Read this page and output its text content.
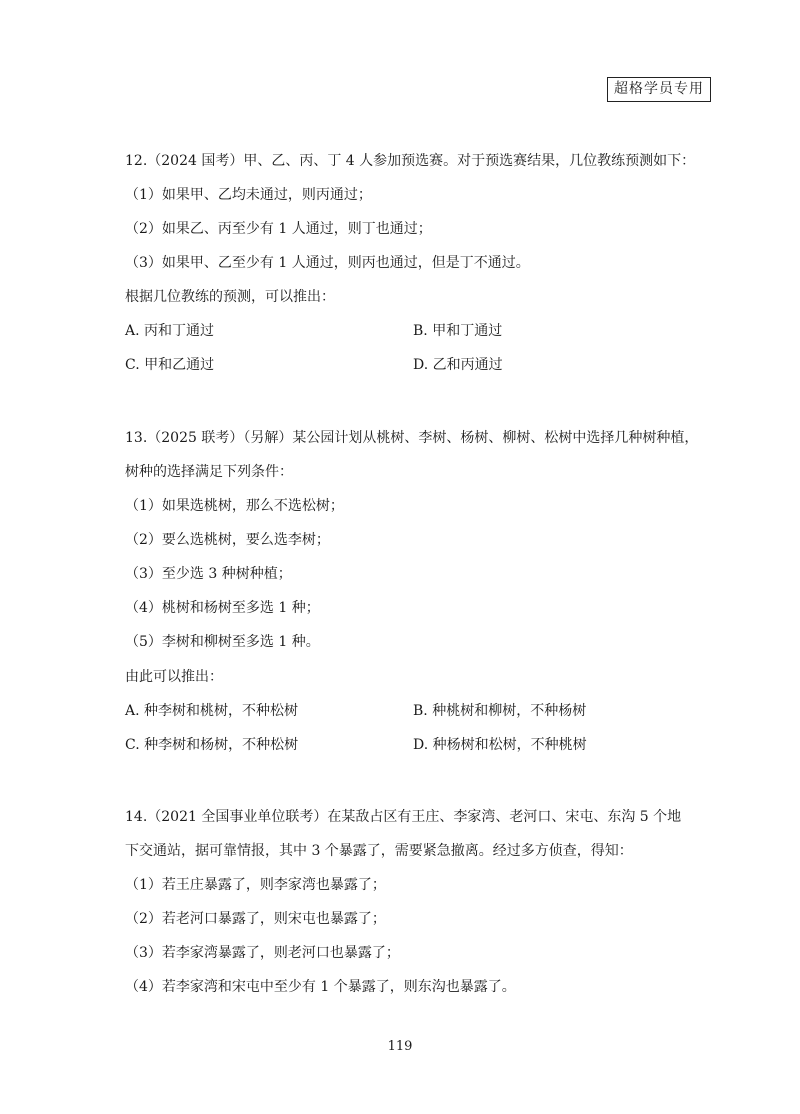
超格学员专用
12.（2024 国考）甲、乙、丙、丁 4 人参加预选赛。对于预选赛结果，几位教练预测如下：
（1）如果甲、乙均未通过，则丙通过；
（2）如果乙、丙至少有 1 人通过，则丁也通过；
（3）如果甲、乙至少有 1 人通过，则丙也通过，但是丁不通过。
根据几位教练的预测，可以推出：
A. 丙和丁通过	B. 甲和丁通过
C. 甲和乙通过	D. 乙和丙通过
13.（2025 联考）（另解）某公园计划从桃树、李树、杨树、柳树、松树中选择几种树种植，
树种的选择满足下列条件：
（1）如果选桃树，那么不选松树；
（2）要么选桃树，要么选李树；
（3）至少选 3 种树种植；
（4）桃树和杨树至多选 1 种；
（5）李树和柳树至多选 1 种。
由此可以推出：
A. 种李树和桃树，不种松树	B. 种桃树和柳树，不种杨树
C. 种李树和杨树，不种松树	D. 种杨树和松树，不种桃树
14.（2021 全国事业单位联考）在某敌占区有王庄、李家湾、老河口、宋屯、东沟 5 个地
下交通站，据可靠情报，其中 3 个暴露了，需要紧急撤离。经过多方侦查，得知：
（1）若王庄暴露了，则李家湾也暴露了；
（2）若老河口暴露了，则宋屯也暴露了；
（3）若李家湾暴露了，则老河口也暴露了；
（4）若李家湾和宋屯中至少有 1 个暴露了，则东沟也暴露了。
119
